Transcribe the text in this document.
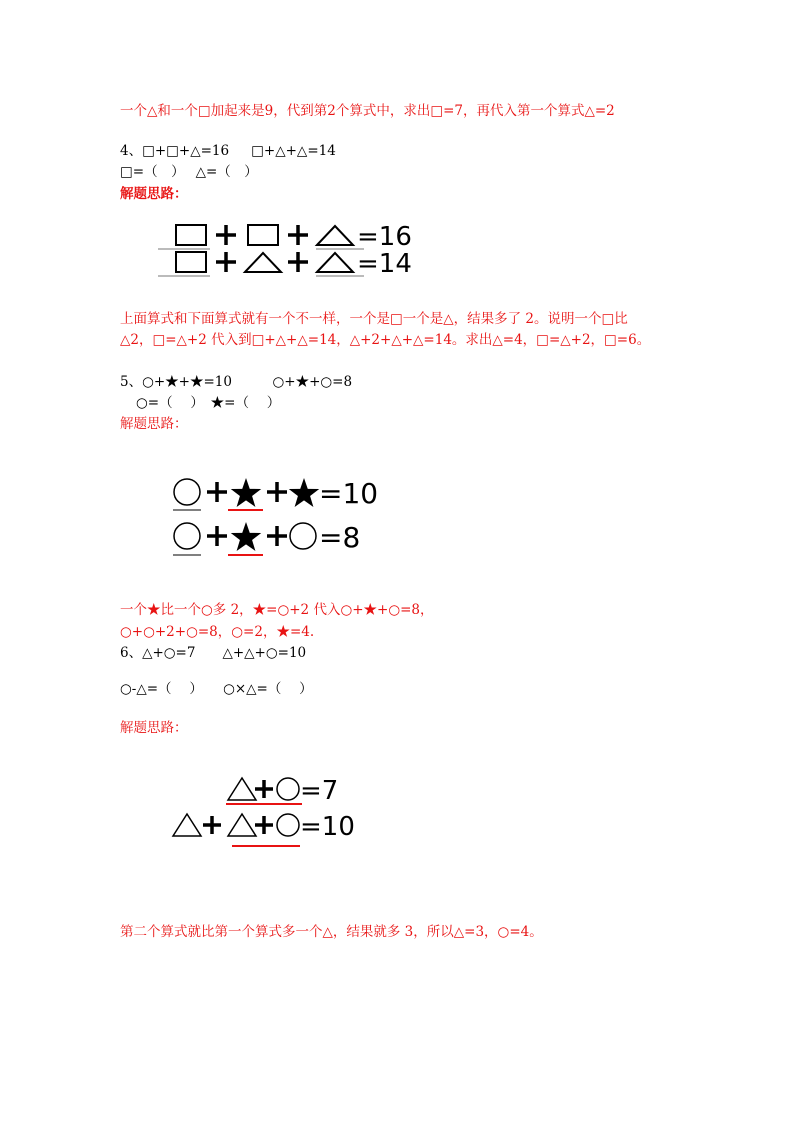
一个△和一个□加起来是9，代到第2个算式中，求出□=7，再代入第一个算式△=2
4、□+□+△=16 　 □+△+△=14
□=（　）　 △=（　）
解题思路：
=16
=14
上面算式和下面算式就有一个不一样，一个是□一个是△，结果多了 2。说明一个□比
△2，□=△+2 代入到□+△+△=14，△+2+△+△=14。求出△=4，□=△+2，□=6。
5、○+★+★=10　　　○+★+○=8
○=（　 ）　★=（　 ）
解题思路：
=10
=8
一个★比一个○多 2，★=○+2 代入○+★+○=8，
○+○+2+○=8，○=2，★=4.
6、△+○=7　　△+△+○=10
○-△=（　 ）　　○×△=（　 ）
解题思路：
=7
=10
第二个算式就比第一个算式多一个△，结果就多 3，所以△=3，○=4。
